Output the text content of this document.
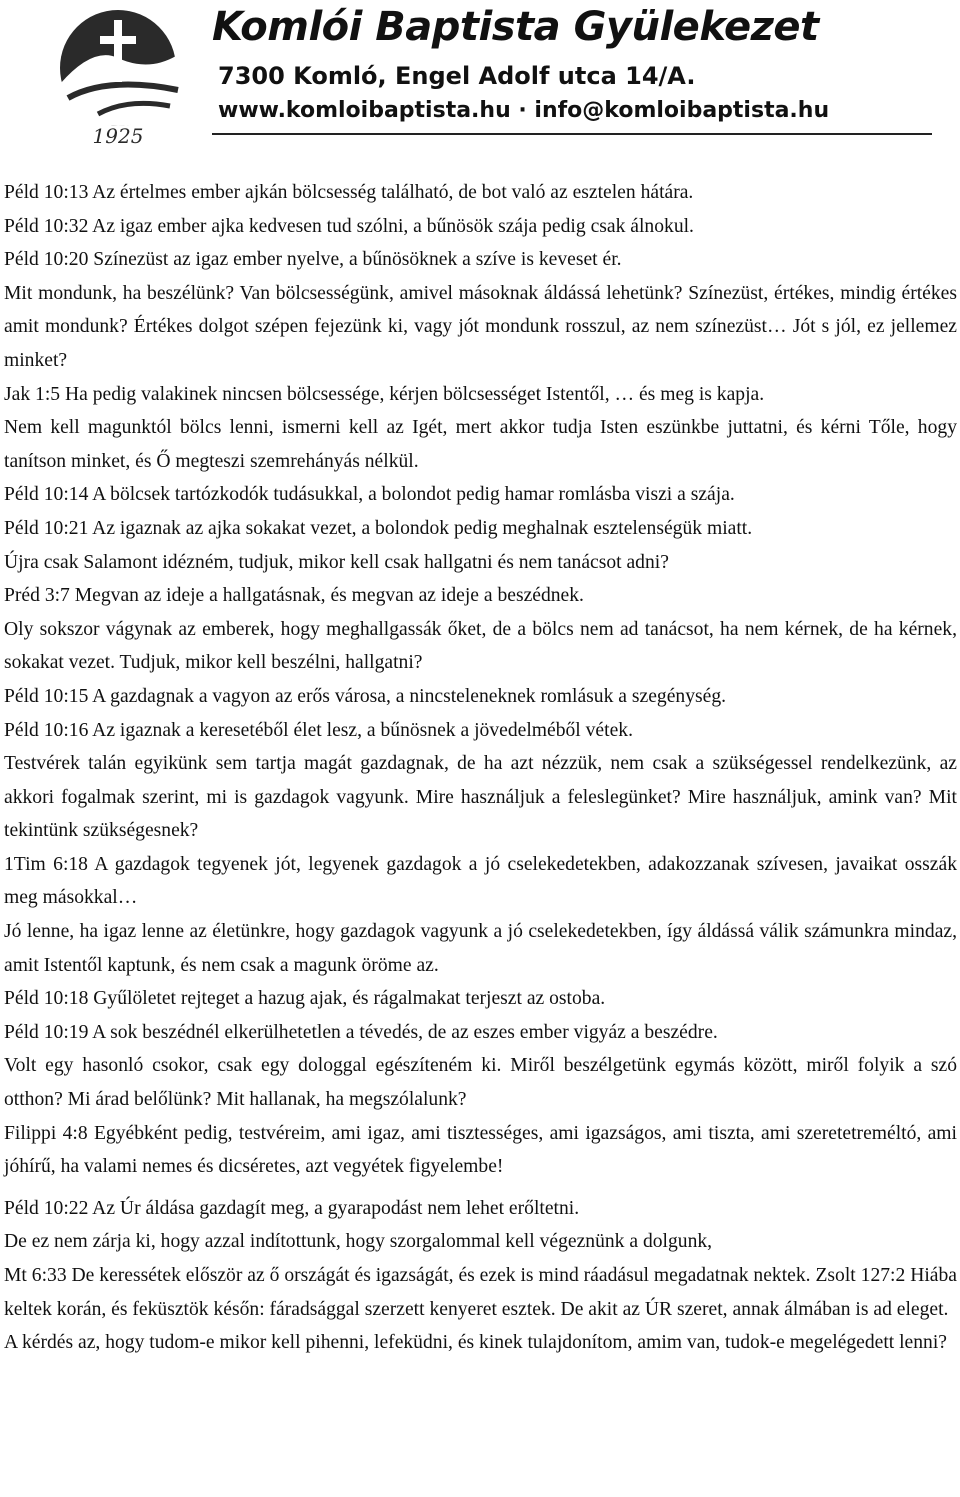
1925
Komlói Baptista Gyülekezet
7300 Komló, Engel Adolf utca 14/A.
www.komloibaptista.hu · info@komloibaptista.hu

Péld 10:13 Az értelmes ember ajkán bölcsesség található, de bot való az esztelen hátára.

Péld 10:32 Az igaz ember ajka kedvesen tud szólni, a bűnösök szája pedig csak álnokul.

Péld 10:20 Színezüst az igaz ember nyelve, a bűnösöknek a szíve is keveset ér.

Mit mondunk, ha beszélünk? Van bölcsességünk, amivel másoknak áldássá lehetünk? Színezüst, értékes, mindig értékes amit mondunk? Értékes dolgot szépen fejezünk ki, vagy jót mondunk rosszul, az nem színezüst… Jót s jól, ez jellemez minket?

Jak 1:5 Ha pedig valakinek nincsen bölcsessége, kérjen bölcsességet Istentől, … és meg is kapja.

Nem kell magunktól bölcs lenni, ismerni kell az Igét, mert akkor tudja Isten eszünkbe juttatni, és kérni Tőle, hogy tanítson minket, és Ő megteszi szemrehányás nélkül.

Péld 10:14 A bölcsek tartózkodók tudásukkal, a bolondot pedig hamar romlásba viszi a szája.

Péld 10:21 Az igaznak az ajka sokakat vezet, a bolondok pedig meghalnak esztelenségük miatt.

Újra csak Salamont idézném, tudjuk, mikor kell csak hallgatni és nem tanácsot adni?

Préd 3:7 Megvan az ideje a hallgatásnak, és megvan az ideje a beszédnek.

Oly sokszor vágynak az emberek, hogy meghallgassák őket, de a bölcs nem ad tanácsot, ha nem kérnek, de ha kérnek, sokakat vezet. Tudjuk, mikor kell beszélni, hallgatni?

Péld 10:15 A gazdagnak a vagyon az erős városa, a nincsteleneknek romlásuk a szegénység.

Péld 10:16 Az igaznak a keresetéből élet lesz, a bűnösnek a jövedelméből vétek.

Testvérek talán egyikünk sem tartja magát gazdagnak, de ha azt nézzük, nem csak a szükségessel rendelkezünk, az akkori fogalmak szerint, mi is gazdagok vagyunk. Mire használjuk a feleslegünket? Mire használjuk, amink van? Mit tekintünk szükségesnek?

1Tim 6:18 A gazdagok tegyenek jót, legyenek gazdagok a jó cselekedetekben, adakozzanak szívesen, javaikat osszák meg másokkal…

Jó lenne, ha igaz lenne az életünkre, hogy gazdagok vagyunk a jó cselekedetekben, így áldássá válik számunkra mindaz, amit Istentől kaptunk, és nem csak a magunk öröme az.

Péld 10:18 Gyűlöletet rejteget a hazug ajak, és rágalmakat terjeszt az ostoba.

Péld 10:19 A sok beszédnél elkerülhetetlen a tévedés, de az eszes ember vigyáz a beszédre.

Volt egy hasonló csokor, csak egy dologgal egészíteném ki. Miről beszélgetünk egymás között, miről folyik a szó otthon? Mi árad belőlünk? Mit hallanak, ha megszólalunk?

Filippi 4:8 Egyébként pedig, testvéreim, ami igaz, ami tisztességes, ami igazságos, ami tiszta, ami szeretetreméltó, ami jóhírű, ha valami nemes és dicséretes, azt vegyétek figyelembe!

Péld 10:22 Az Úr áldása gazdagít meg, a gyarapodást nem lehet erőltetni.

De ez nem zárja ki, hogy azzal indítottunk, hogy szorgalommal kell végeznünk a dolgunk,

Mt 6:33 De keressétek először az ő országát és igazságát, és ezek is mind ráadásul megadatnak nektek. Zsolt 127:2 Hiába keltek korán, és feküsztök későn: fáradsággal szerzett kenyeret esztek. De akit az ÚR szeret, annak álmában is ad eleget.

A kérdés az, hogy tudom-e mikor kell pihenni, lefeküdni, és kinek tulajdonítom, amim van, tudok-e megelégedett lenni?
